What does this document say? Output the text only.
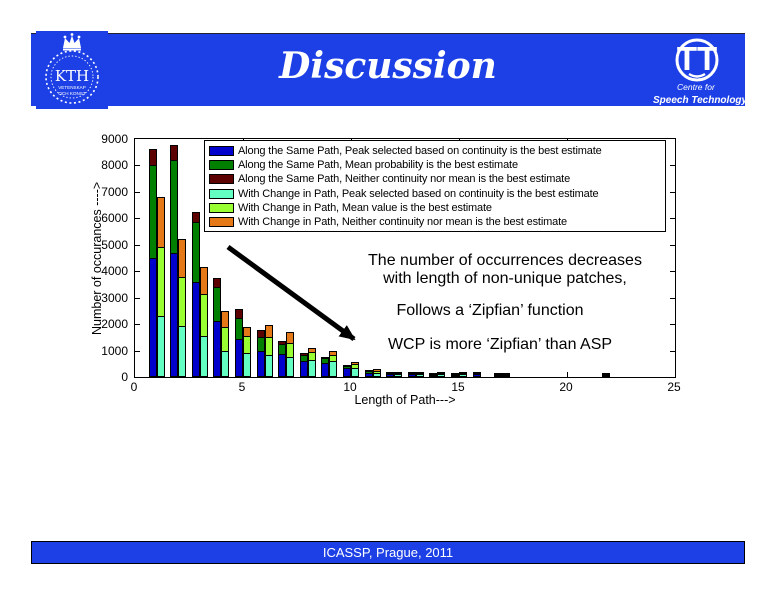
KTH
VETENSKAP
OCH KONST
Discussion	TT
Centre for
Speech Technology
Number of occurances ---->
0
1000
2000
3000
4000
5000
6000
7000
8000
9000
0	5	10	15	20	25
Along the Same Path, Peak selected based on continuity is the best estimate
Along the Same Path, Mean probability is the best estimate
Along the Same Path, Neither continuity nor mean is the best estimate
With Change in Path, Peak selected based on continuity is the best estimate
With Change in Path, Mean value is the best estimate
With Change in Path, Neither continuity nor mean is the best estimate
Length of Path--->
The number of occurrences decreases
with length of non-unique patches,
Follows a ‘Zipfian’ function
WCP is more ‘Zipfian’ than ASP
ICASSP, Prague, 2011
